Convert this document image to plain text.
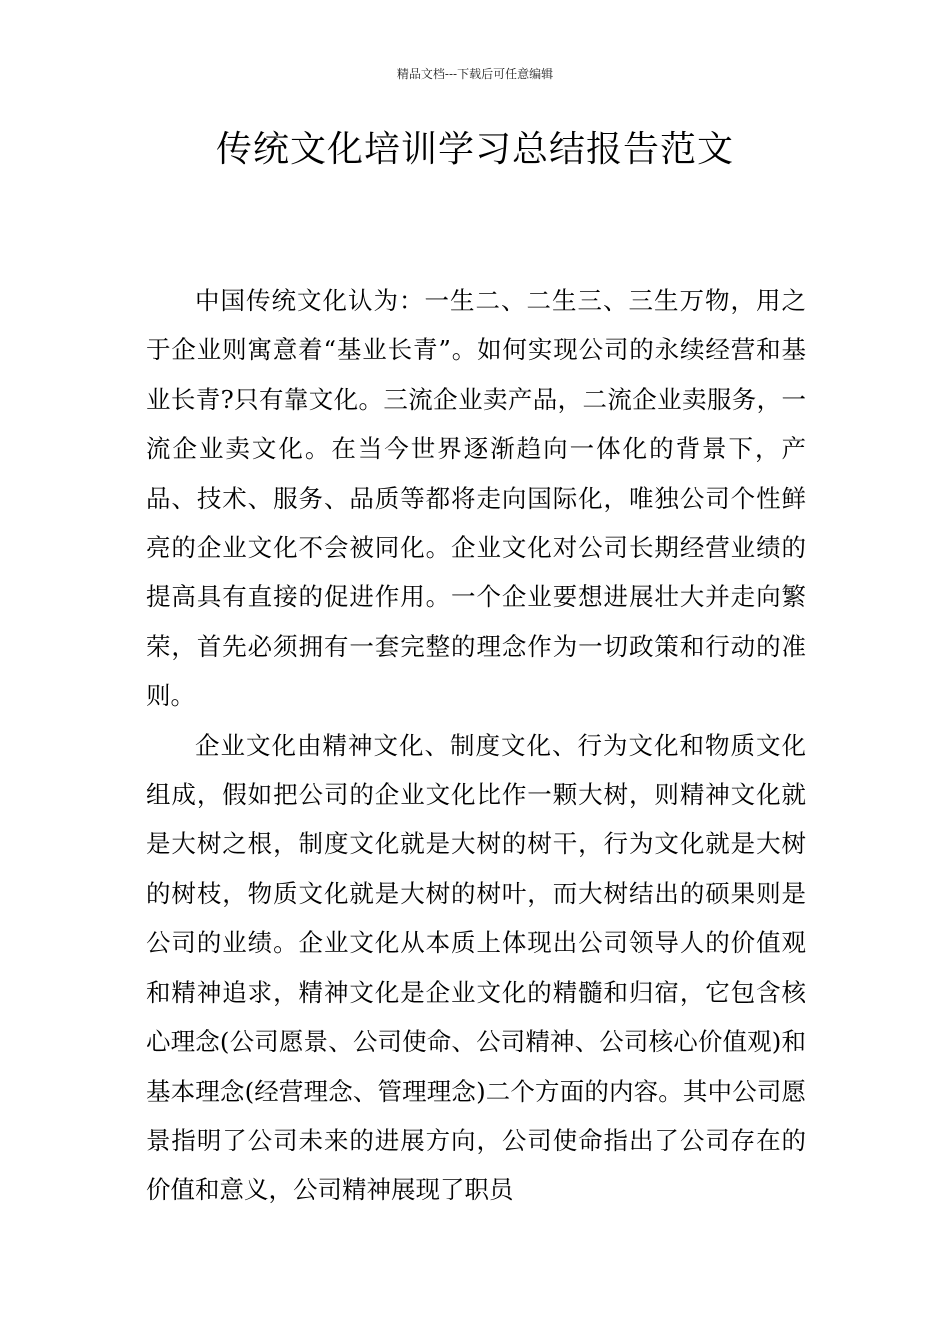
精品文档---下载后可任意编辑
传统文化培训学习总结报告范文

中国传统文化认为：一生二、二生三、三生万物，用之于企业则寓意着“基业长青”。如何实现公司的永续经营和基业长青?只有靠文化。三流企业卖产品，二流企业卖服务，一流企业卖文化。在当今世界逐渐趋向一体化的背景下，产品、技术、服务、品质等都将走向国际化，唯独公司个性鲜亮的企业文化不会被同化。企业文化对公司长期经营业绩的提高具有直接的促进作用。一个企业要想进展壮大并走向繁荣，首先必须拥有一套完整的理念作为一切政策和行动的准则。

企业文化由精神文化、制度文化、行为文化和物质文化组成，假如把公司的企业文化比作一颗大树，则精神文化就是大树之根，制度文化就是大树的树干，行为文化就是大树的树枝，物质文化就是大树的树叶，而大树结出的硕果则是公司的业绩。企业文化从本质上体现出公司领导人的价值观和精神追求，精神文化是企业文化的精髓和归宿，它包含核心理念(公司愿景、公司使命、公司精神、公司核心价值观)和基本理念(经营理念、管理理念)二个方面的内容。其中公司愿景指明了公司未来的进展方向，公司使命指出了公司存在的价值和意义，公司精神展现了职员
